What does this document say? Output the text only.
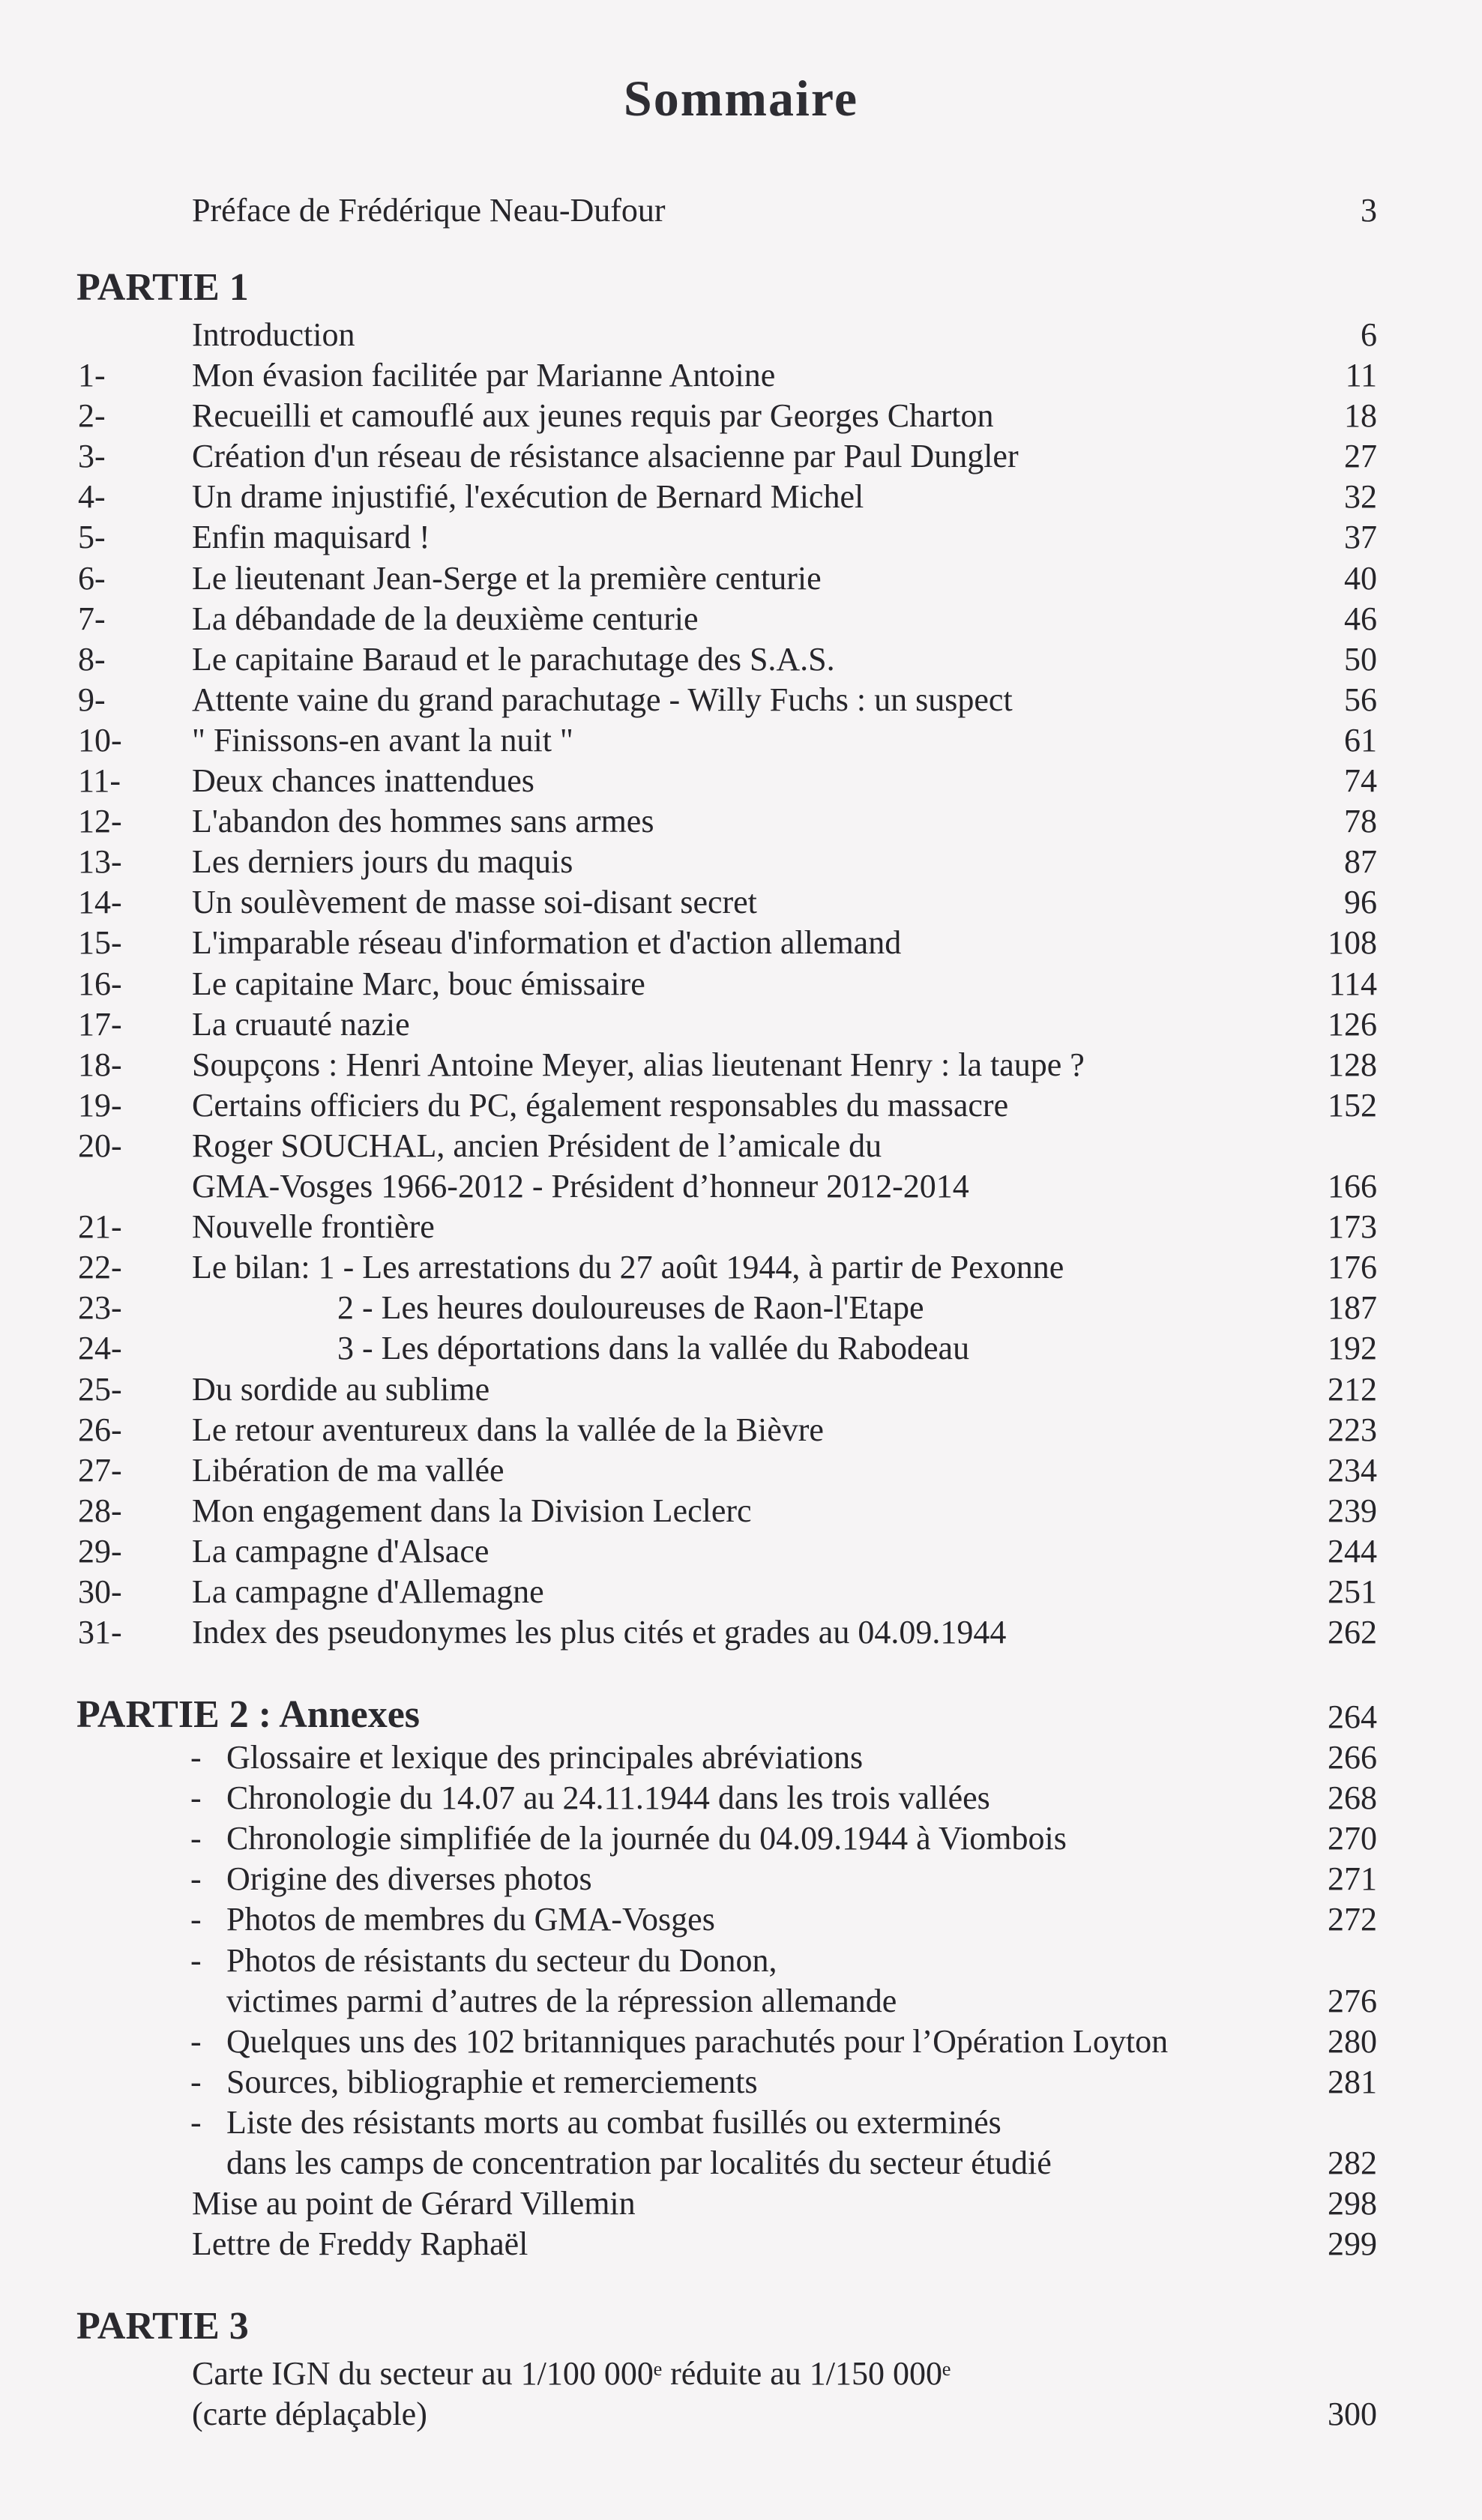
Sommaire
Préface de Frédérique Neau-Dufour	3
PARTIE 1
Introduction	6
1-	Mon évasion facilitée par Marianne Antoine	11
2-	Recueilli et camouflé aux jeunes requis par Georges Charton	18
3-	Création d'un réseau de résistance alsacienne par Paul Dungler	27
4-	Un drame injustifié, l'exécution de Bernard Michel	32
5-	Enfin maquisard !	37
6-	Le lieutenant Jean-Serge et la première centurie	40
7-	La débandade de la deuxième centurie	46
8-	Le capitaine Baraud et le parachutage des S.A.S.	50
9-	Attente vaine du grand parachutage - Willy Fuchs : un suspect	56
10- " Finissons-en avant la nuit "	61
11- Deux chances inattendues	74
12- L'abandon des hommes sans armes	78
13- Les derniers jours du maquis	87
14- Un soulèvement de masse soi-disant secret	96
15- L'imparable réseau d'information et d'action allemand	108
16- Le capitaine Marc, bouc émissaire	114
17- La cruauté nazie	126
18- Soupçons : Henri Antoine Meyer, alias lieutenant Henry : la taupe ?	128
19- Certains officiers du PC, également responsables du massacre	152
20- Roger SOUCHAL, ancien Président de l’amicale du
GMA-Vosges 1966-2012 - Président d’honneur 2012-2014	166
21- Nouvelle frontière	173
22- Le bilan: 1 - Les arrestations du 27 août 1944, à partir de Pexonne	176
23-	2 - Les heures douloureuses de Raon-l'Etape	187
24-	3 - Les déportations dans la vallée du Rabodeau	192
25- Du sordide au sublime	212
26- Le retour aventureux dans la vallée de la Bièvre	223
27- Libération de ma vallée	234
28- Mon engagement dans la Division Leclerc	239
29- La campagne d'Alsace	244
30- La campagne d'Allemagne	251
31- Index des pseudonymes les plus cités et grades au 04.09.1944	262
PARTIE 2 : Annexes	264
- Glossaire et lexique des principales abréviations	266
- Chronologie du 14.07 au 24.11.1944 dans les trois vallées	268
- Chronologie simplifiée de la journée du 04.09.1944 à Viombois	270
- Origine des diverses photos	271
- Photos de membres du GMA-Vosges	272
- Photos de résistants du secteur du Donon,
victimes parmi d’autres de la répression allemande	276
- Quelques uns des 102 britanniques parachutés pour l’Opération Loyton	280
- Sources, bibliographie et remerciements	281
- Liste des résistants morts au combat fusillés ou exterminés
dans les camps de concentration par localités du secteur étudié	282
Mise au point de Gérard Villemin	298
Lettre de Freddy Raphaël	299
PARTIE 3
Carte IGN du secteur au 1/100 000ᵉ réduite au 1/150 000ᵉ
(carte déplaçable)	300
